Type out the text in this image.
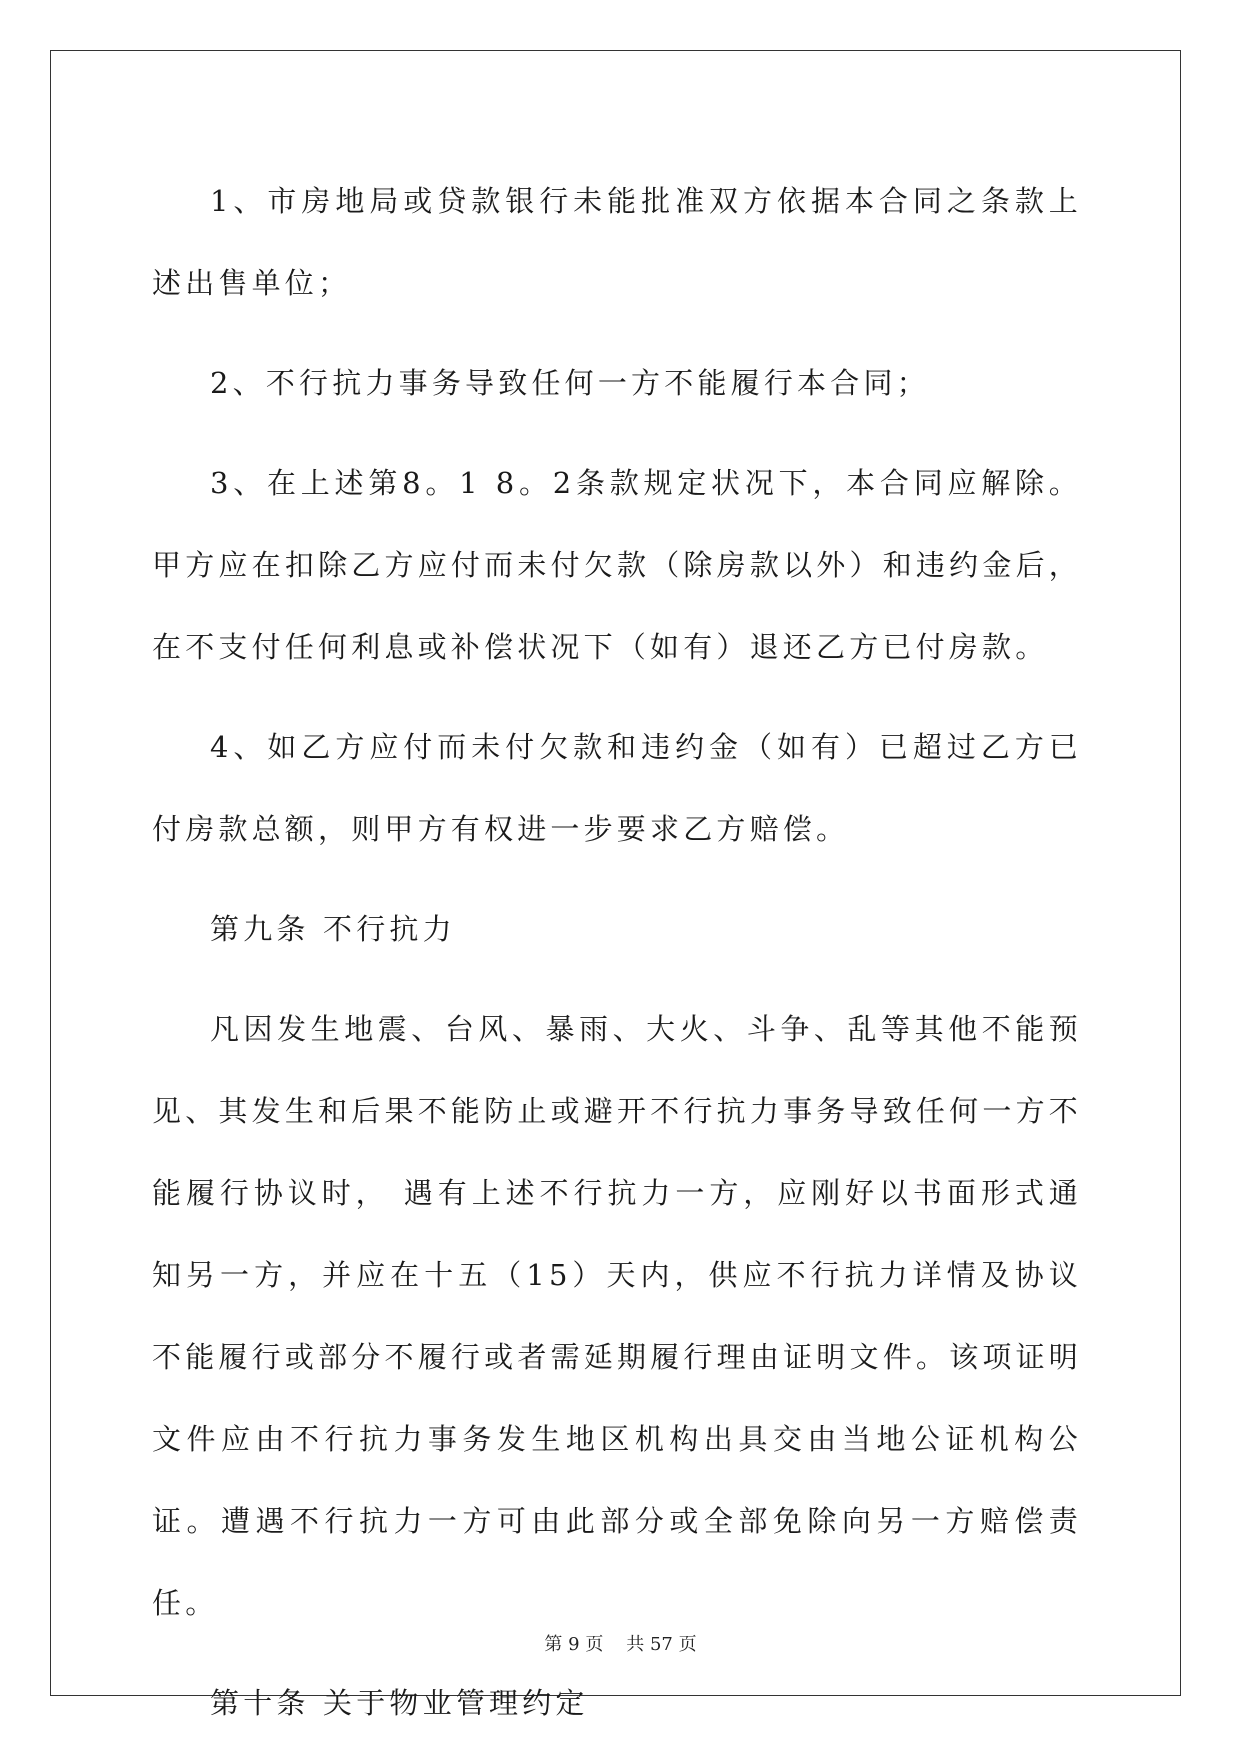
1、市房地局或贷款银行未能批准双方依据本合同之条款上述出售单位；

2、不行抗力事务导致任何一方不能履行本合同；

3、在上述第8。1 8。2条款规定状况下，本合同应解除。甲方应在扣除乙方应付而未付欠款（除房款以外）和违约金后，在不支付任何利息或补偿状况下（如有）退还乙方已付房款。

4、如乙方应付而未付欠款和违约金（如有）已超过乙方已付房款总额，则甲方有权进一步要求乙方赔偿。

第九条 不行抗力

凡因发生地震、台风、暴雨、大火、斗争、乱等其他不能预见、其发生和后果不能防止或避开不行抗力事务导致任何一方不能履行协议时， 遇有上述不行抗力一方，应刚好以书面形式通知另一方，并应在十五（15）天内，供应不行抗力详情及协议不能履行或部分不履行或者需延期履行理由证明文件。该项证明文件应由不行抗力事务发生地区机构出具交由当地公证机构公证。遭遇不行抗力一方可由此部分或全部免除向另一方赔偿责任。

第十条 关于物业管理约定

第 9 页 共 57 页
